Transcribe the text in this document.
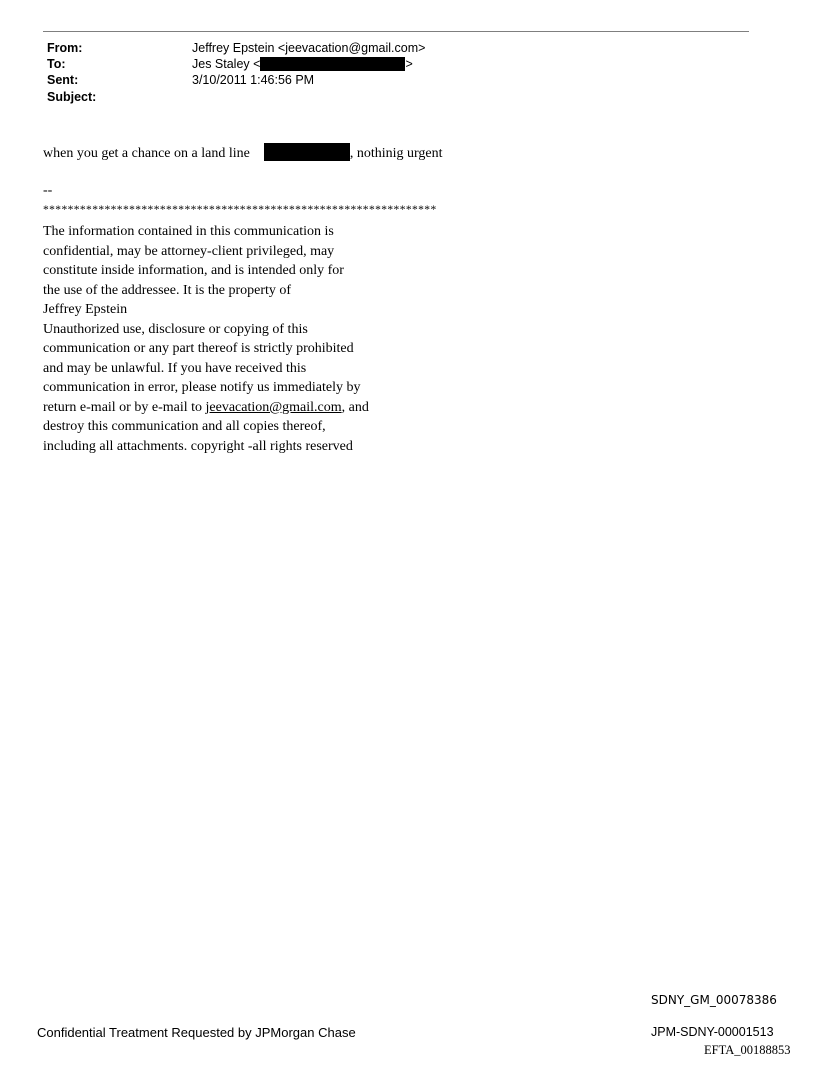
From:	Jeffrey Epstein <jeevacation@gmail.com>
To:	Jes Staley <	>
Sent:	3/10/2011 1:46:56 PM
Subject:
when you get a chance on a land line	, nothinig urgent
--
****************************************************************
The information contained in this communication is
confidential, may be attorney-client privileged, may
constitute inside information, and is intended only for
the use of the addressee. It is the property of
Jeffrey Epstein
Unauthorized use, disclosure or copying of this
communication or any part thereof is strictly prohibited
and may be unlawful. If you have received this
communication in error, please notify us immediately by
return e-mail or by e-mail to jeevacation@gmail.com, and
destroy this communication and all copies thereof,
including all attachments. copyright -all rights reserved
SDNY_GM_00078386
Confidential Treatment Requested by JPMorgan Chase	JPM-SDNY-00001513
EFTA_00188853
